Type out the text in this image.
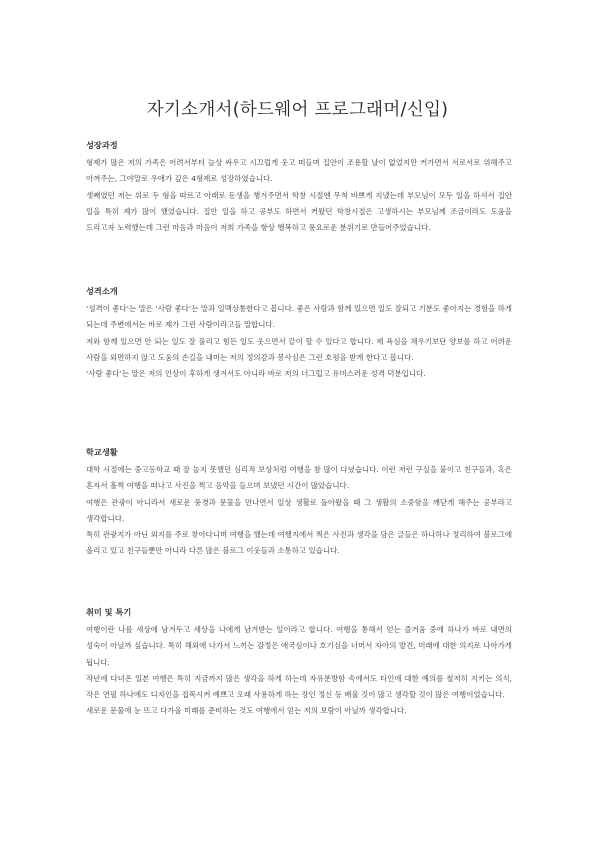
자기소개서(하드웨어 프로그래머/신입)
성장과정
형제가 많은 저의 가족은 어려서부터 늘상 싸우고 시끄럽게 웃고 떠들며 집안이 조용할 날이 없었지만 커가면서 서로서로 위해주고 아껴주는, 그야말로 우애가 깊은 4형제로 성장하였습니다.
셋째였던 저는 위로 두 형을 따르고 아래로 동생을 챙겨주면서 학창 시절엔 무척 바쁘게 지냈는데 부모님이 모두 일을 하셔서 집안 일을 특히 제가 많이 했었습니다. 집안 일을 하고 공부도 하면서 커왔던 학창시절은 고생하시는 부모님께 조금이라도 도움을 드리고자 노력했는데 그런 마음과 마음이 저희 가족을 항상 행복하고 풍요로운 분위기로 만들어주었습니다.
성격소개
‘성격이 좋다’는 말은 ‘사람 좋다’는 말과 일맥상통한다고 봅니다. 좋은 사람과 함께 있으면 일도 잘되고 기분도 좋아지는 경험을 하게 되는데 주변에서는 바로 제가 그런 사람이라고들 말합니다.
저와 함께 있으면 안 되는 일도 잘 풀리고 힘든 일도 웃으면서 같이 할 수 있다고 합니다. 제 욕심을 채우기보단 양보를 하고 어려운 사람을 외면하지 않고 도움의 손길을 내미는 저의 정의감과 봉사심은 그런 호평을 받게 한다고 봅니다.
‘사람 좋다’는 말은 저의 인상이 후하게 생겨서도 아니라 바로 저의 너그럽고 유머스러운 성격 덕분입니다.
학교생활
대학 시절에는 중고등학교 때 잘 놀지 못했던 심리적 보상처럼 여행을 참 많이 다녔습니다. 이런 저런 구실을 붙이고 친구들과, 혹은 혼자서 훌쩍 여행을 떠나고 사진을 찍고 음악을 들으며 보냈던 시간이 많았습니다.
여행은 관광이 아니라서 새로운 풍경과 문물을 만나면서 일상 생활로 돌아왔을 때 그 생활의 소중함을 깨닫게 해주는 공부라고 생각합니다.
특히 관광지가 아닌 외지를 주로 찾아다니며 여행을 했는데 여행지에서 찍은 사진과 생각을 담은 글들은 하나하나 정리하여 블로그에 올리고 있고 친구들뿐만 아니라 다른 많은 블로그 이웃들과 소통하고 있습니다.
취미 및 특기
여행이란 나를 세상에 남겨두고 세상을 나에게 남겨받는 일이라고 합니다. 여행을 통해서 얻는 즐거움 중에 하나가 바로 내면의 성숙이 아닐까 싶습니다. 특히 해외에 나가서 느끼는 감정은 애국심이나 호기심을 너머서 자아의 발견, 미래에 대한 의지로 나아가게 됩니다.
작년에 다녀온 일본 여행은 특히 지금까지 많은 생각을 하게 하는데 자유분방함 속에서도 타인에 대한 예의를 철저히 지키는 의식, 작은 연필 하나에도 디자인을 접목시켜 예쁘고 오래 사용하게 하는 장인 정신 등 배울 것이 많고 생각할 것이 많은 여행이었습니다.
새로운 문물에 눈 뜨고 다가올 미래를 준비하는 것도 여행에서 얻는 저의 보람이 아닐까 생각합니다.
